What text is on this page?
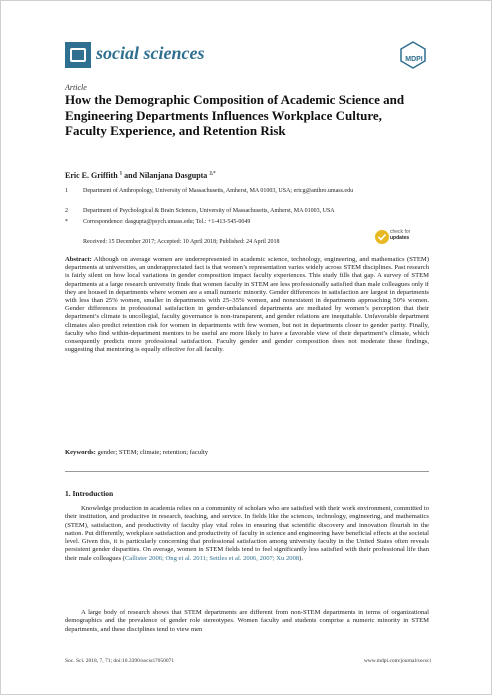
social sciences	MDPI
Article
How the Demographic Composition of Academic Science and Engineering Departments Influences Workplace Culture, Faculty Experience, and Retention Risk
Eric E. Griffith $^1$ and Nilanjana Dasgupta $^{2,*}$
1	Department of Anthropology, University of Massachusetts, Amherst, MA 01003, USA; ericg@anthro.umass.edu
2	Department of Psychological & Brain Sciences, University of Massachusetts, Amherst, MA 01003, USA
*	Correspondence: dasgupta@psych.umass.edu; Tel.: +1-413-545-0049
Received: 15 December 2017; Accepted: 10 April 2018; Published: 24 April 2018
check for
updates

Abstract: Although on average women are underrepresented in academic science, technology, engineering, and mathematics (STEM) departments at universities, an underappreciated fact is that women’s representation varies widely across STEM disciplines. Past research is fairly silent on how local variations in gender composition impact faculty experiences. This study fills that gap. A survey of STEM departments at a large research university finds that women faculty in STEM are less professionally satisfied than male colleagues only if they are housed in departments where women are a small numeric minority. Gender differences in satisfaction are largest in departments with less than 25% women, smaller in departments with 25–35% women, and nonexistent in departments approaching 50% women. Gender differences in professional satisfaction in gender-unbalanced departments are mediated by women’s perception that their department’s climate is uncollegial, faculty governance is non-transparent, and gender relations are inequitable. Unfavorable department climates also predict retention risk for women in departments with few women, but not in departments closer to gender parity. Finally, faculty who find within-department mentors to be useful are more likely to have a favorable view of their department’s climate, which consequently predicts more professional satisfaction. Faculty gender and gender composition does not moderate these findings, suggesting that mentoring is equally effective for all faculty.

Keywords: gender; STEM; climate; retention; faculty
1. Introduction

Knowledge production in academia relies on a community of scholars who are satisfied with their work environment, committed to their institution, and productive in research, teaching, and service. In fields like the sciences, technology, engineering, and mathematics (STEM), satisfaction, and productivity of faculty play vital roles in ensuring that scientific discovery and innovation flourish in the nation. Put differently, workplace satisfaction and productivity of faculty in science and engineering have beneficial effects at the societal level. Given this, it is particularly concerning that professional satisfaction among university faculty in the United States often reveals persistent gender disparities. On average, women in STEM fields tend to feel significantly less satisfied with their professional life than their male colleagues (Callister 2006; Ong et al. 2011; Settles et al. 2006, 2007; Xu 2008).

A large body of research shows that STEM departments are different from non-STEM departments in terms of organizational demographics and the prevalence of gender role stereotypes. Women faculty and students comprise a numeric minority in STEM departments, and these disciplines tend to view men

Soc. Sci. 2018, 7, 71; doi:10.3390/socsci7050071	www.mdpi.com/journal/socsci
